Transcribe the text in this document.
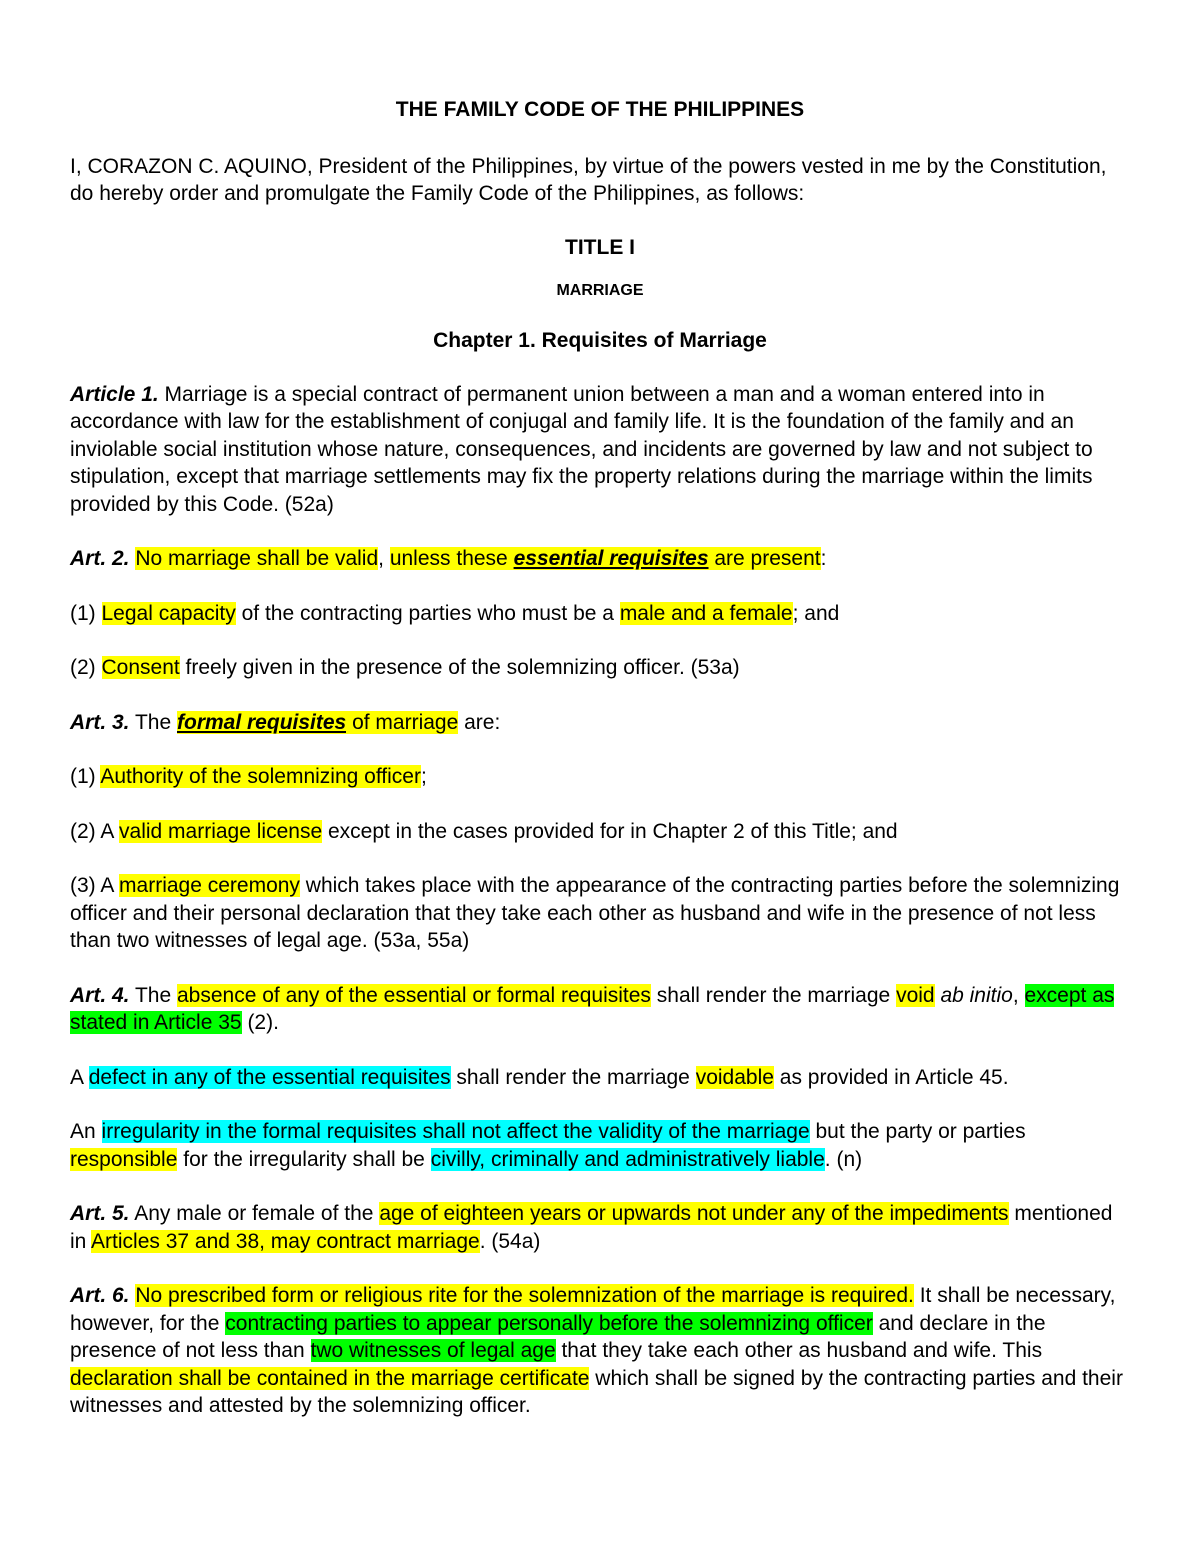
THE FAMILY CODE OF THE PHILIPPINES

I, CORAZON C. AQUINO, President of the Philippines, by virtue of the powers vested in me by the Constitution, do hereby order and promulgate the Family Code of the Philippines, as follows:

TITLE I

MARRIAGE

Chapter 1. Requisites of Marriage

Article 1. Marriage is a special contract of permanent union between a man and a woman entered into in accordance with law for the establishment of conjugal and family life. It is the foundation of the family and an inviolable social institution whose nature, consequences, and incidents are governed by law and not subject to stipulation, except that marriage settlements may fix the property relations during the marriage within the limits provided by this Code. (52a)

Art. 2. No marriage shall be valid, unless these essential requisites are present:

(1) Legal capacity of the contracting parties who must be a male and a female; and

(2) Consent freely given in the presence of the solemnizing officer. (53a)

Art. 3. The formal requisites of marriage are:

(1) Authority of the solemnizing officer;

(2) A valid marriage license except in the cases provided for in Chapter 2 of this Title; and

(3) A marriage ceremony which takes place with the appearance of the contracting parties before the solemnizing officer and their personal declaration that they take each other as husband and wife in the presence of not less than two witnesses of legal age. (53a, 55a)

Art. 4. The absence of any of the essential or formal requisites shall render the marriage void ab initio, except as stated in Article 35 (2).

A defect in any of the essential requisites shall render the marriage voidable as provided in Article 45.

An irregularity in the formal requisites shall not affect the validity of the marriage but the party or parties responsible for the irregularity shall be civilly, criminally and administratively liable. (n)

Art. 5. Any male or female of the age of eighteen years or upwards not under any of the impediments mentioned in Articles 37 and 38, may contract marriage. (54a)

Art. 6. No prescribed form or religious rite for the solemnization of the marriage is required. It shall be necessary, however, for the contracting parties to appear personally before the solemnizing officer and declare in the presence of not less than two witnesses of legal age that they take each other as husband and wife. This declaration shall be contained in the marriage certificate which shall be signed by the contracting parties and their witnesses and attested by the solemnizing officer.
